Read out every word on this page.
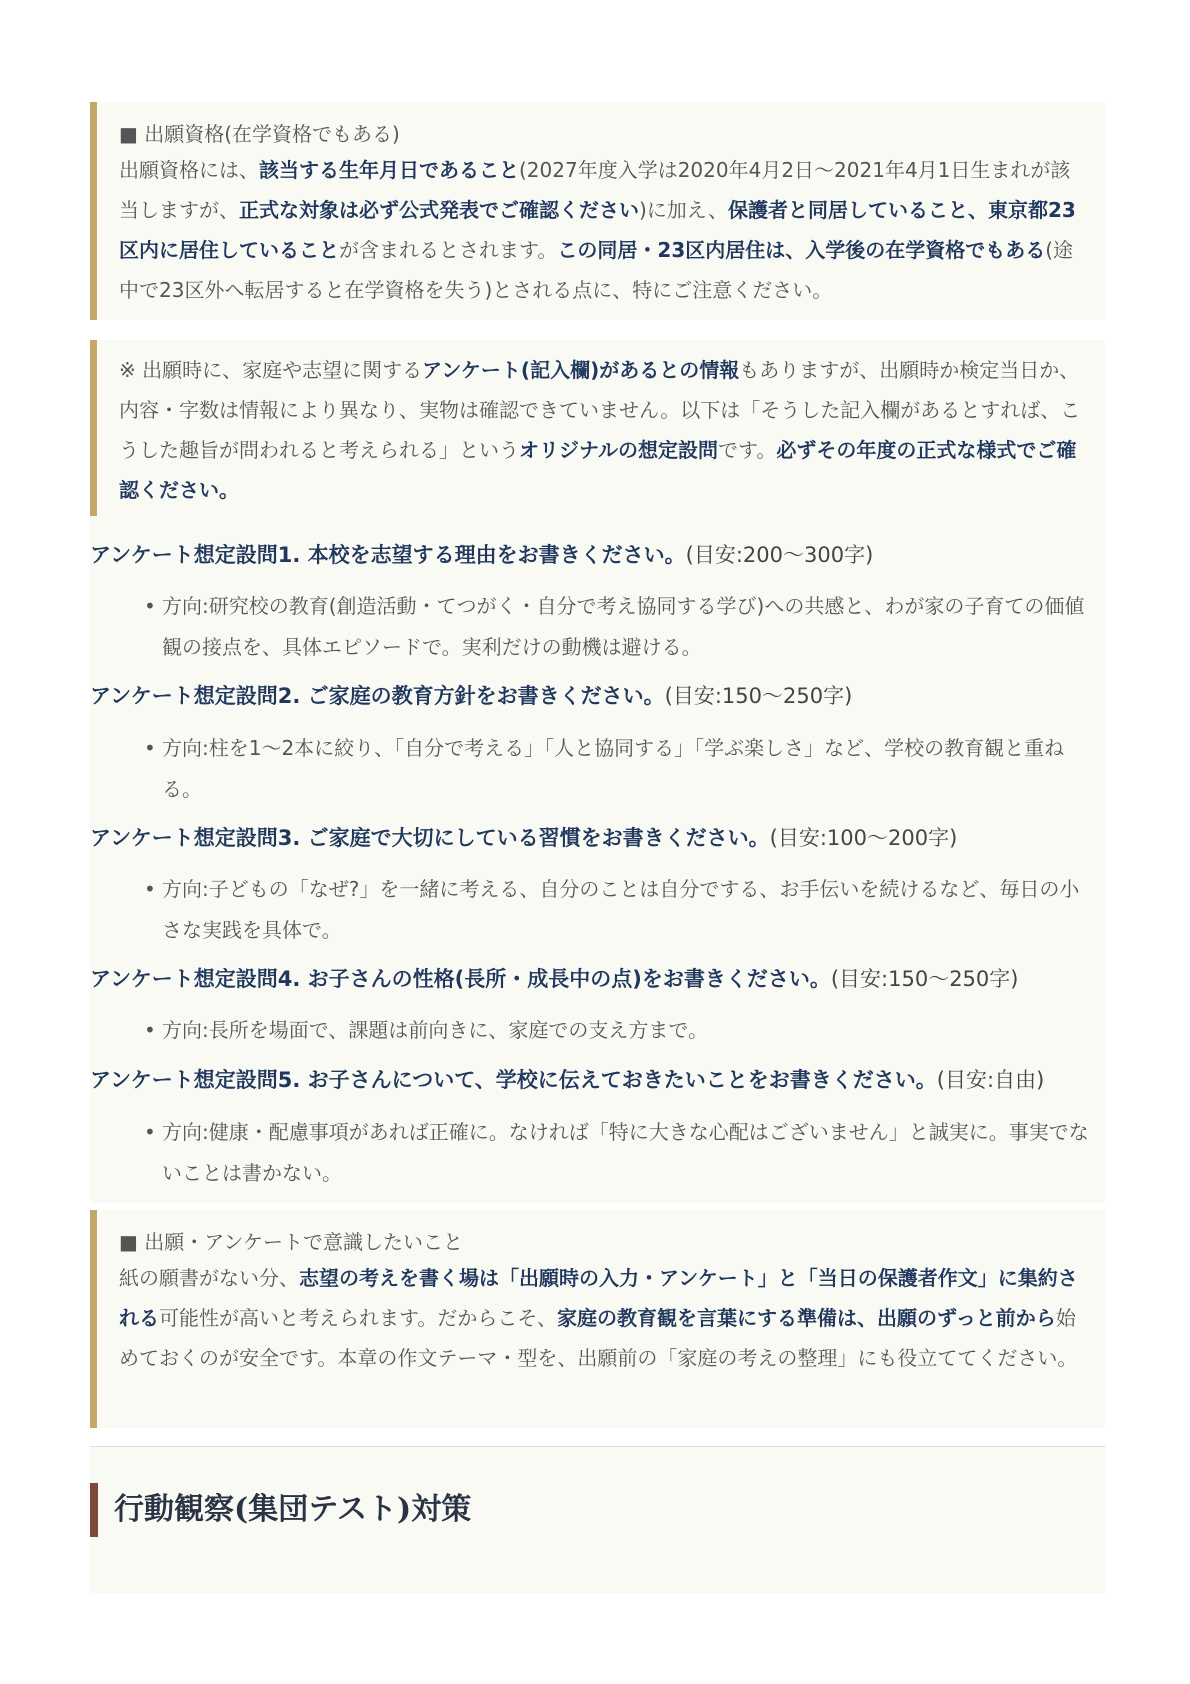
■ 出願資格(在学資格でもある)

出願資格には、該当する生年月日であること(2027年度入学は2020年4月2日〜2021年4月1日生まれが該当しますが、正式な対象は必ず公式発表でご確認ください)に加え、保護者と同居していること、東京都23区内に居住していることが含まれるとされます。この同居・23区内居住は、入学後の在学資格でもある(途中で23区外へ転居すると在学資格を失う)とされる点に、特にご注意ください。

※ 出願時に、家庭や志望に関するアンケート(記入欄)があるとの情報もありますが、出願時か検定当日か、内容・字数は情報により異なり、実物は確認できていません。以下は「そうした記入欄があるとすれば、こうした趣旨が問われると考えられる」というオリジナルの想定設問です。必ずその年度の正式な様式でご確認ください。

アンケート想定設問1. 本校を志望する理由をお書きください。(目安:200〜300字)
• 方向:研究校の教育(創造活動・てつがく・自分で考え協同する学び)への共感と、わが家の子育ての価値観の接点を、具体エピソードで。実利だけの動機は避ける。
アンケート想定設問2. ご家庭の教育方針をお書きください。(目安:150〜250字)
• 方向:柱を1〜2本に絞り、「自分で考える」「人と協同する」「学ぶ楽しさ」など、学校の教育観と重ねる。
アンケート想定設問3. ご家庭で大切にしている習慣をお書きください。(目安:100〜200字)
• 方向:子どもの「なぜ?」を一緒に考える、自分のことは自分でする、お手伝いを続けるなど、毎日の小さな実践を具体で。
アンケート想定設問4. お子さんの性格(長所・成長中の点)をお書きください。(目安:150〜250字)
• 方向:長所を場面で、課題は前向きに、家庭での支え方まで。
アンケート想定設問5. お子さんについて、学校に伝えておきたいことをお書きください。(目安:自由)
• 方向:健康・配慮事項があれば正確に。なければ「特に大きな心配はございません」と誠実に。事実でないことは書かない。
■ 出願・アンケートで意識したいこと

紙の願書がない分、志望の考えを書く場は「出願時の入力・アンケート」と「当日の保護者作文」に集約される可能性が高いと考えられます。だからこそ、家庭の教育観を言葉にする準備は、出願のずっと前から始めておくのが安全です。本章の作文テーマ・型を、出願前の「家庭の考えの整理」にも役立ててください。

行動観察(集団テスト)対策
